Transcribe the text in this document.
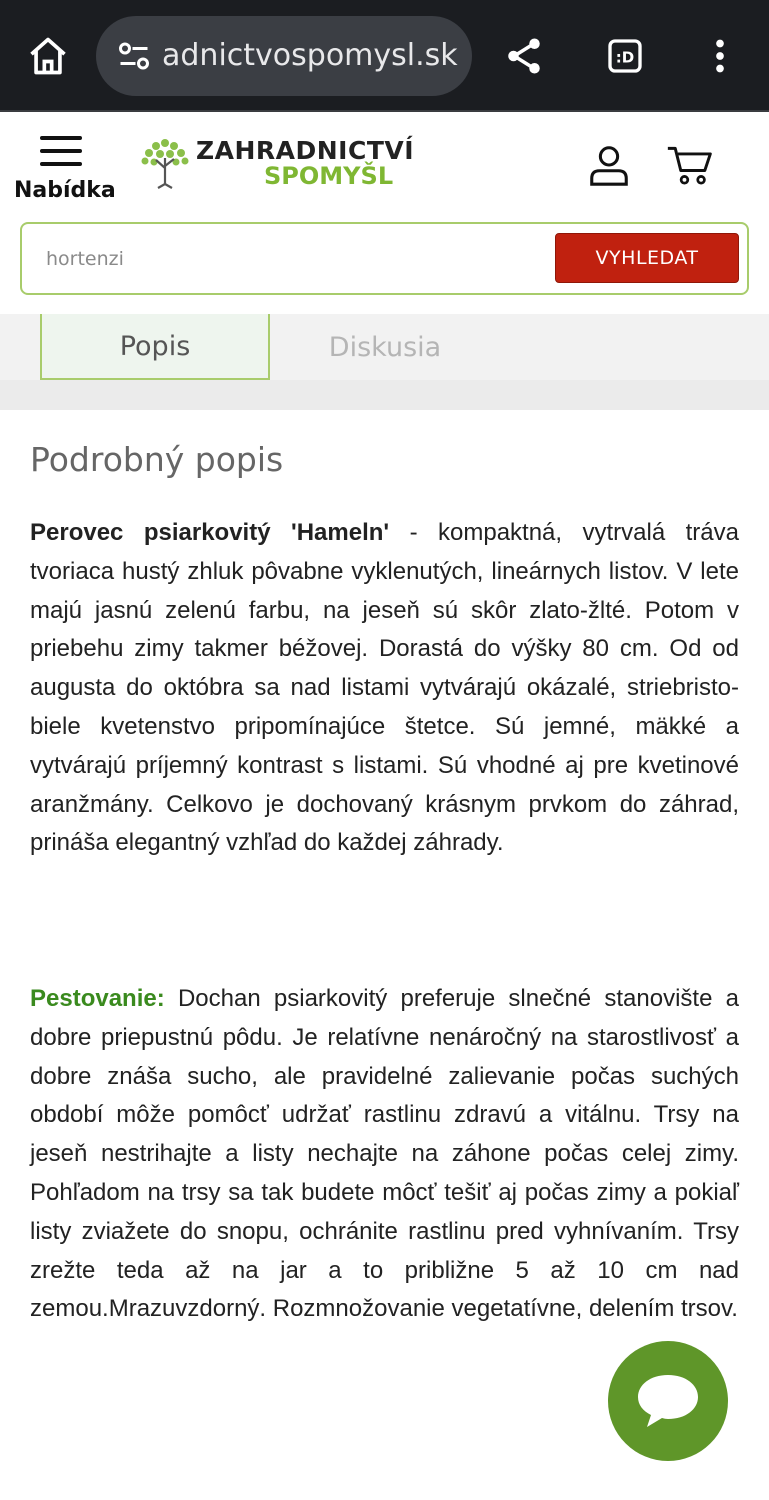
adnictvospomysl.sk	:D
Nabídka
ZAHRADNICTVÍ
SPOMYŠL
hortenzi
VYHLEDAT
Popis	Diskusia
Podrobný popis

Perovec psiarkovitý 'Hameln' - kompaktná, vytrvalá tráva tvoriaca hustý zhluk pôvabne vyklenutých, lineárnych listov. V lete majú jasnú zelenú farbu, na jeseň sú skôr zlato-žlté. Potom v priebehu zimy takmer béžovej. Dorastá do výšky 80 cm. Od od augusta do októbra sa nad listami vytvárajú okázalé, striebristo-biele kvetenstvo pripomínajúce štetce. Sú jemné, mäkké a vytvárajú príjemný kontrast s listami. Sú vhodné aj pre kvetinové aranžmány. Celkovo je dochovaný krásnym prvkom do záhrad, prináša elegantný vzhľad do každej záhrady.

Pestovanie: Dochan psiarkovitý preferuje slnečné stanovište a dobre priepustnú pôdu. Je relatívne nenáročný na starostlivosť a dobre znáša sucho, ale pravidelné zalievanie počas suchých období môže pomôcť udržať rastlinu zdravú a vitálnu. Trsy na jeseň nestrihajte a listy nechajte na záhone počas celej zimy. Pohľadom na trsy sa tak budete môcť tešiť aj počas zimy a pokiaľ listy zviažete do snopu, ochránite rastlinu pred vyhnívaním. Trsy zrežte teda až na jar a to približne 5 až 10 cm nad zemou.Mrazuvzdorný. Rozmnožovanie vegetatívne, delením trsov.
